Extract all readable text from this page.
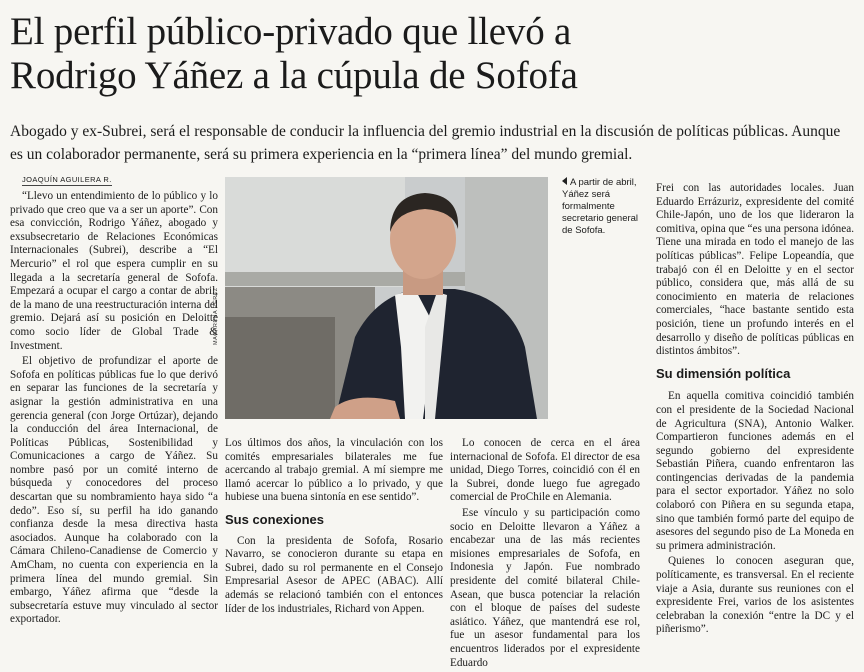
El perfil público-privado que llevó a
Rodrigo Yáñez a la cúpula de Sofofa

Abogado y ex-Subrei, será el responsable de conducir la influencia del gremio industrial en la discusión de políticas públicas. Aunque es un colaborador permanente, será su primera experiencia en la “primera línea” del mundo gremial.

JOAQUÍN AGUILERA R.

“Llevo un entendimiento de lo público y lo privado que creo que va a ser un aporte”. Con esa convicción, Rodrigo Yáñez, abogado y exsubsecretario de Relaciones Económicas Internacionales (Subrei), describe a “El Mercurio” el rol que espera cumplir en su llegada a la secretaría general de Sofofa. Empezará a ocupar el cargo a contar de abril, de la mano de una reestructuración interna del gremio. Dejará así su posición en Deloitte como socio líder de Global Trade & Investment.

El objetivo de profundizar el aporte de Sofofa en políticas públicas fue lo que derivó en separar las funciones de la secretaría y asignar la gestión administrativa en una gerencia general (con Jorge Ortúzar), dejando la conducción del área Internacional, de Políticas Públicas, Sostenibilidad y Comunicaciones a cargo de Yáñez. Su nombre pasó por un comité interno de búsqueda y conocedores del proceso descartan que su nombramiento haya sido “a dedo”. Eso sí, su perfil ha ido ganando confianza desde la mesa directiva hasta asociados. Aunque ha colaborado con la Cámara Chileno-Canadiense de Comercio y AmCham, no cuenta con experiencia en la primera línea del mundo gremial. Sin embargo, Yáñez afirma que “desde la subsecretaría estuve muy vinculado al sector exportador.

MACARENA PÉREZ

A partir de abril, Yáñez será formalmente secretario general de Sofofa.

Los últimos dos años, la vinculación con los comités empresariales bilaterales me fue acercando al trabajo gremial. A mí siempre me llamó acercar lo público a lo privado, y que hubiese una buena sintonía en ese sentido”.

Sus conexiones

Con la presidenta de Sofofa, Rosario Navarro, se conocieron durante su etapa en Subrei, dado su rol permanente en el Consejo Empresarial Asesor de APEC (ABAC). Allí además se relacionó también con el entonces líder de los industriales, Richard von Appen.

Lo conocen de cerca en el área internacional de Sofofa. El director de esa unidad, Diego Torres, coincidió con él en la Subrei, donde luego fue agregado comercial de ProChile en Alemania.

Ese vínculo y su participación como socio en Deloitte llevaron a Yáñez a encabezar una de las más recientes misiones empresariales de Sofofa, en Indonesia y Japón. Fue nombrado presidente del comité bilateral Chile-Asean, que busca potenciar la relación con el bloque de países del sudeste asiático. Yáñez, que mantendrá ese rol, fue un asesor fundamental para los encuentros liderados por el expresidente Eduardo

Frei con las autoridades locales. Juan Eduardo Errázuriz, expresidente del comité Chile-Japón, uno de los que lideraron la comitiva, opina que “es una persona idónea. Tiene una mirada en todo el manejo de las políticas públicas”. Felipe Lopeandía, que trabajó con él en Deloitte y en el sector público, considera que, más allá de su conocimiento en materia de relaciones comerciales, “hace bastante sentido esta posición, tiene un profundo interés en el desarrollo y diseño de políticas públicas en distintos ámbitos”.

Su dimensión política

En aquella comitiva coincidió también con el presidente de la Sociedad Nacional de Agricultura (SNA), Antonio Walker. Compartieron funciones además en el segundo gobierno del expresidente Sebastián Piñera, cuando enfrentaron las contingencias derivadas de la pandemia para el sector exportador. Yáñez no solo colaboró con Piñera en su segunda etapa, sino que también formó parte del equipo de asesores del segundo piso de La Moneda en su primera administración.

Quienes lo conocen aseguran que, políticamente, es transversal. En el reciente viaje a Asia, durante sus reuniones con el expresidente Frei, varios de los asistentes celebraban la conexión “entre la DC y el piñerismo”.
